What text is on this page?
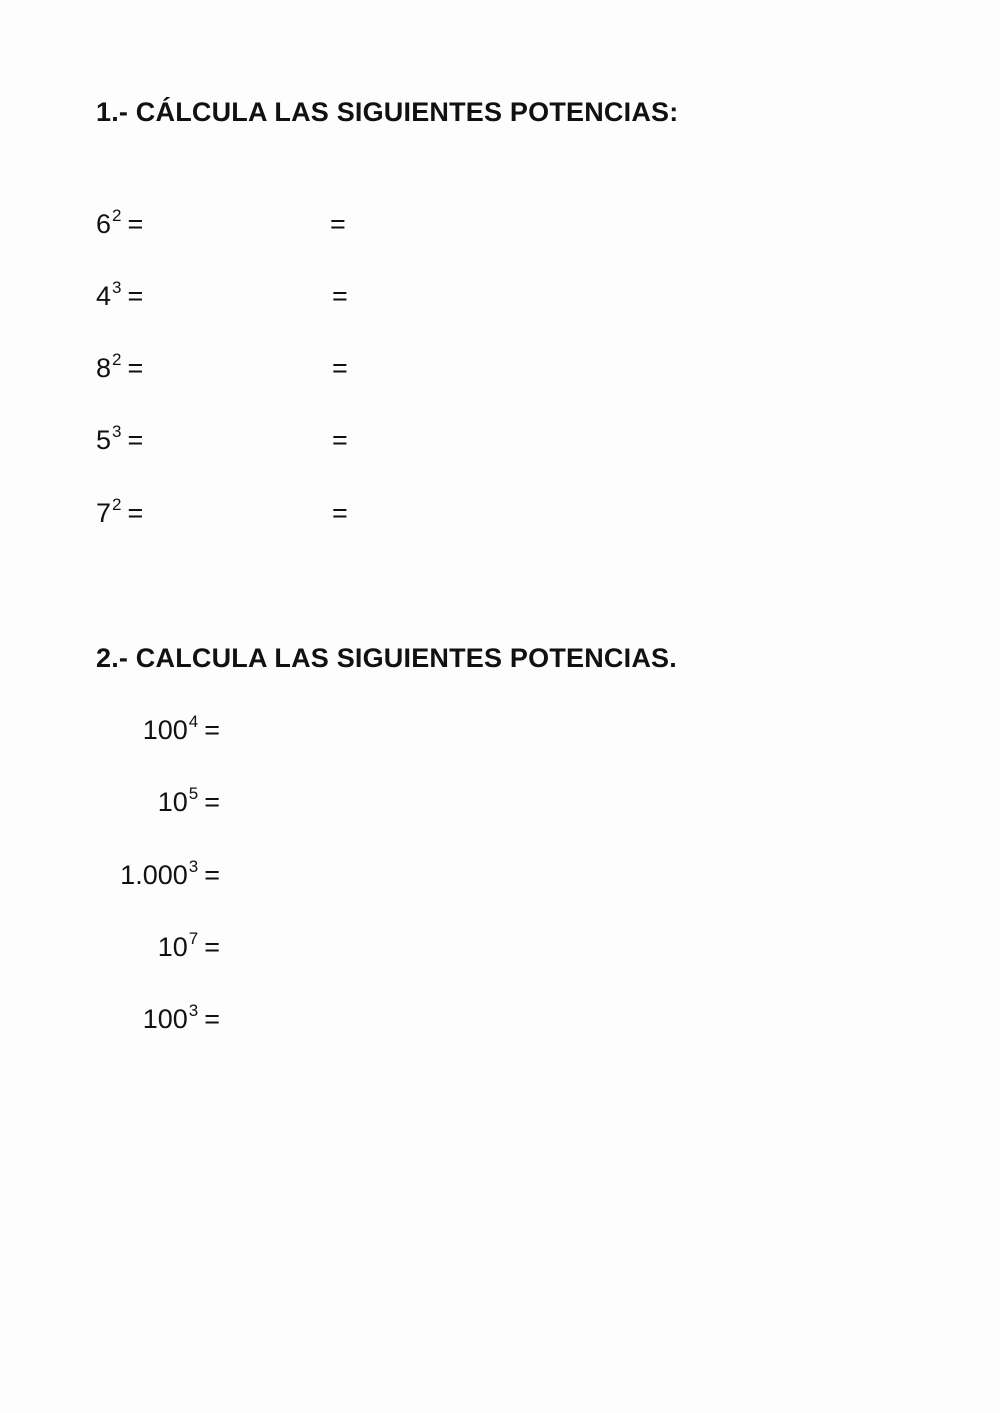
1.- CÁLCULA LAS SIGUIENTES POTENCIAS:
$6^2$ =	=
$4^3$ =	=
$8^2$ =	=
$5^3$ =	=
$7^2$ =	=
2.- CALCULA LAS SIGUIENTES POTENCIAS.
$100^4$ =
$10^5$ =
$1.000^3$ =
$10^7$ =
$100^3$ =
